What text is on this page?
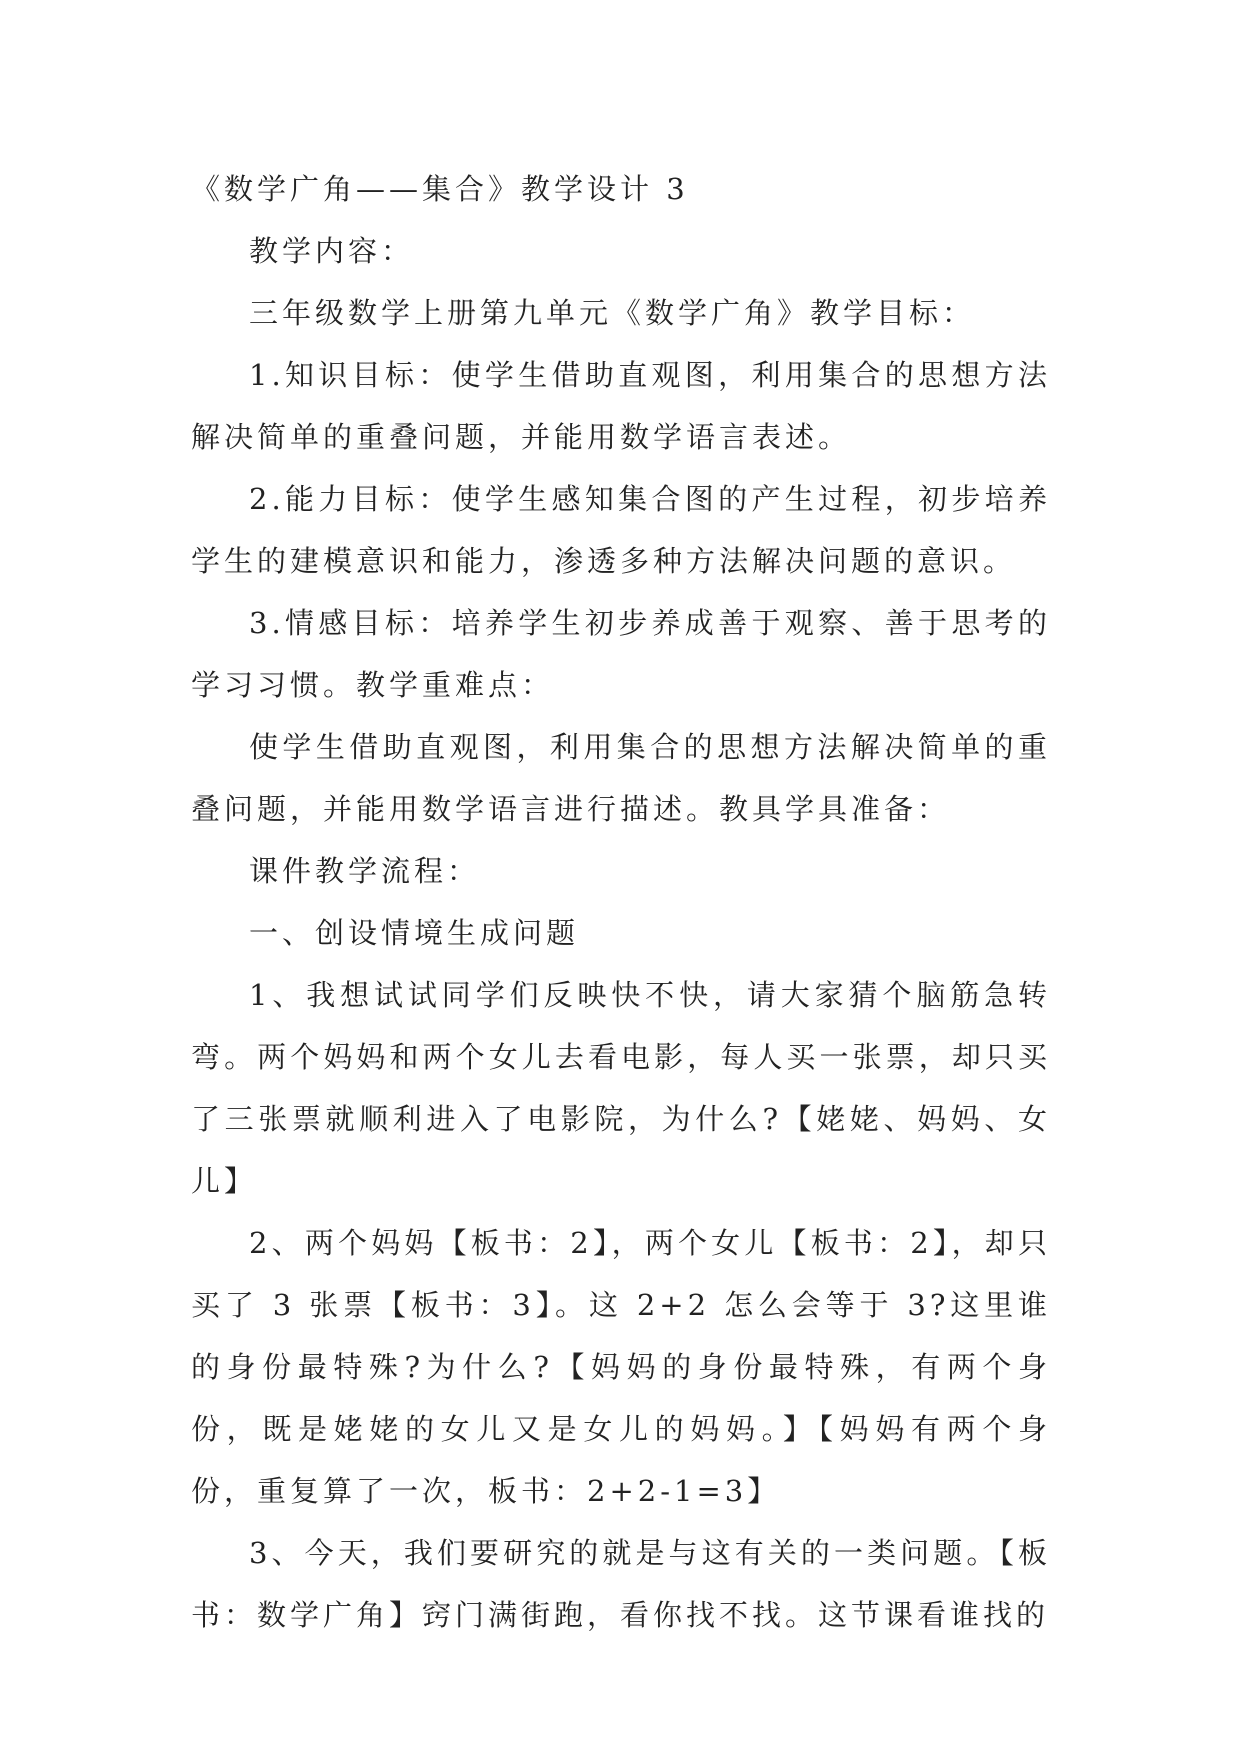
《数学广角——集合》教学设计 3

教学内容：

三年级数学上册第九单元《数学广角》教学目标：

1.知识目标：使学生借助直观图，利用集合的思想方法解决简单的重叠问题，并能用数学语言表述。

2.能力目标：使学生感知集合图的产生过程，初步培养学生的建模意识和能力，渗透多种方法解决问题的意识。

3.情感目标：培养学生初步养成善于观察、善于思考的学习习惯。教学重难点：

使学生借助直观图，利用集合的思想方法解决简单的重叠问题，并能用数学语言进行描述。教具学具准备：

课件教学流程：

一、创设情境生成问题

1、我想试试同学们反映快不快，请大家猜个脑筋急转弯。两个妈妈和两个女儿去看电影，每人买一张票，却只买了三张票就顺利进入了电影院，为什么?【姥姥、妈妈、女儿】

2、两个妈妈【板书：2】，两个女儿【板书：2】，却只买了 3 张票【板书：3】。这 2+2 怎么会等于 3?这里谁的身份最特殊?为什么?【妈妈的身份最特殊，有两个身份，既是姥姥的女儿又是女儿的妈妈。】【妈妈有两个身份，重复算了一次，板书：2+2-1=3】

3、今天，我们要研究的就是与这有关的一类问题。【板书：数学广角】窍门满街跑，看你找不找。这节课看谁找的
